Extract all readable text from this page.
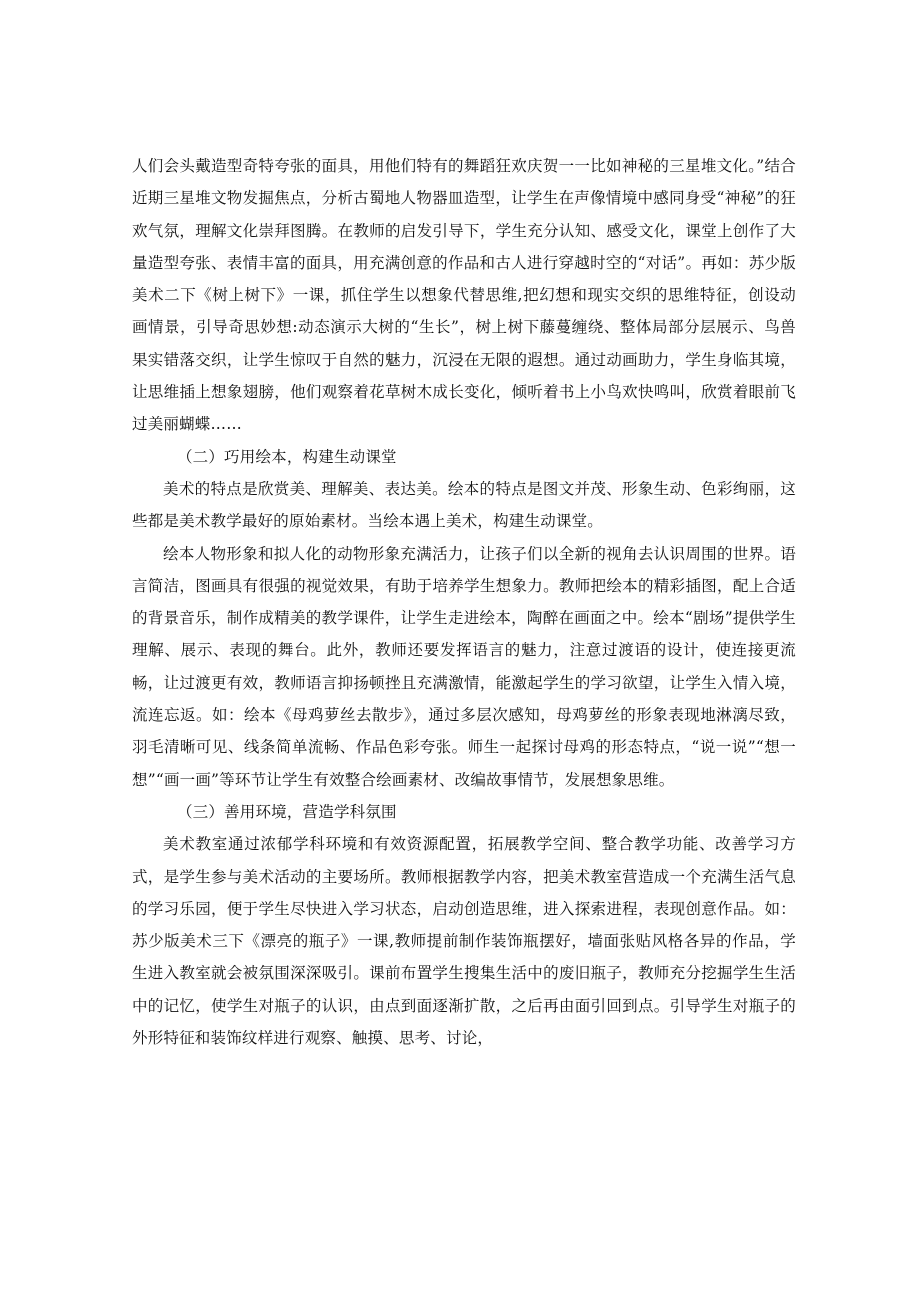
人们会头戴造型奇特夸张的面具，用他们特有的舞蹈狂欢庆贺一一比如神秘的三星堆文化。”结合近期三星堆文物发掘焦点，分析古蜀地人物器皿造型，让学生在声像情境中感同身受“神秘”的狂欢气氛，理解文化崇拜图腾。在教师的启发引导下，学生充分认知、感受文化，课堂上创作了大量造型夸张、表情丰富的面具，用充满创意的作品和古人进行穿越时空的“对话”。再如：苏少版美术二下《树上树下》一课，抓住学生以想象代替思维,把幻想和现实交织的思维特征，创设动画情景，引导奇思妙想:动态演示大树的“生长”，树上树下藤蔓缠绕、整体局部分层展示、鸟兽果实错落交织，让学生惊叹于自然的魅力，沉浸在无限的遐想。通过动画助力，学生身临其境，让思维插上想象翅膀，他们观察着花草树木成长变化，倾听着书上小鸟欢快鸣叫，欣赏着眼前飞过美丽蝴蝶……

（二）巧用绘本，构建生动课堂

美术的特点是欣赏美、理解美、表达美。绘本的特点是图文并茂、形象生动、色彩绚丽，这些都是美术教学最好的原始素材。当绘本遇上美术，构建生动课堂。

绘本人物形象和拟人化的动物形象充满活力，让孩子们以全新的视角去认识周围的世界。语言简洁，图画具有很强的视觉效果，有助于培养学生想象力。教师把绘本的精彩插图，配上合适的背景音乐，制作成精美的教学课件，让学生走进绘本，陶醉在画面之中。绘本“剧场”提供学生理解、展示、表现的舞台。此外，教师还要发挥语言的魅力，注意过渡语的设计，使连接更流畅，让过渡更有效，教师语言抑扬顿挫且充满激情，能激起学生的学习欲望，让学生入情入境，流连忘返。如：绘本《母鸡萝丝去散步》，通过多层次感知，母鸡萝丝的形象表现地淋漓尽致，羽毛清晰可见、线条简单流畅、作品色彩夸张。师生一起探讨母鸡的形态特点，“说一说”“想一想”“画一画”等环节让学生有效整合绘画素材、改编故事情节，发展想象思维。

（三）善用环境，营造学科氛围

美术教室通过浓郁学科环境和有效资源配置，拓展教学空间、整合教学功能、改善学习方式，是学生参与美术活动的主要场所。教师根据教学内容，把美术教室营造成一个充满生活气息的学习乐园，便于学生尽快进入学习状态，启动创造思维，进入探索进程，表现创意作品。如：苏少版美术三下《漂亮的瓶子》一课,教师提前制作装饰瓶摆好，墙面张贴风格各异的作品，学生进入教室就会被氛围深深吸引。课前布置学生搜集生活中的废旧瓶子，教师充分挖掘学生生活中的记忆，使学生对瓶子的认识，由点到面逐渐扩散，之后再由面引回到点。引导学生对瓶子的外形特征和装饰纹样进行观察、触摸、思考、讨论，
